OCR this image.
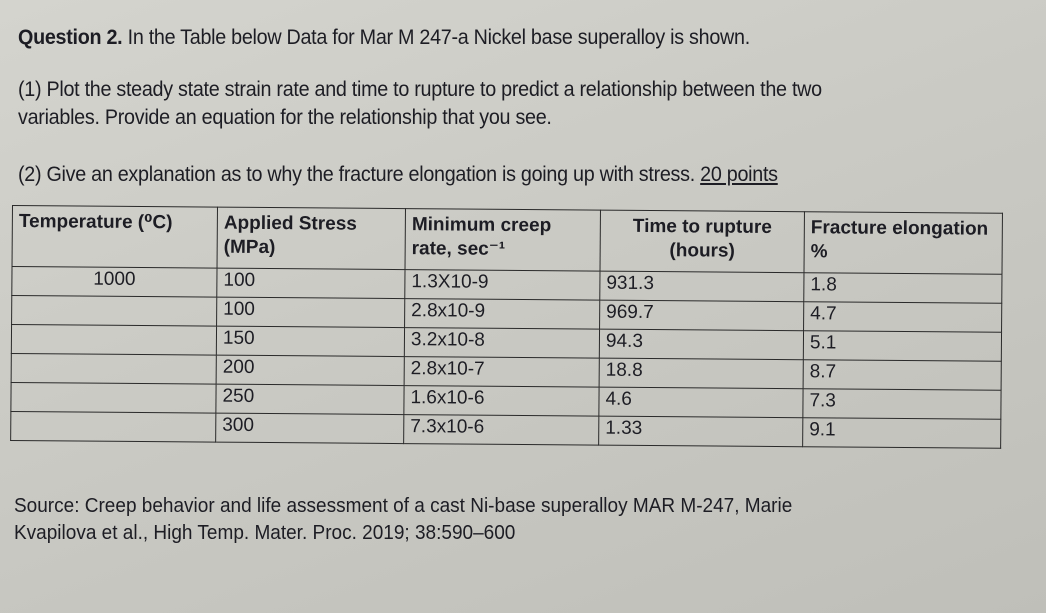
Question 2. In the Table below Data for Mar M 247-a Nickel base superalloy is shown.
(1) Plot the steady state strain rate and time to rupture to predict a relationship between the two
variables. Provide an equation for the relationship that you see.
(2) Give an explanation as to why the fracture elongation is going up with stress. 20 points
Temperature (⁰C)	Applied Stress (MPa)	Minimum creep rate, sec⁻¹	Time to rupture (hours)	Fracture elongation %
1000	100	1.3X10-9	931.3	1.8
	100	2.8x10-9	969.7	4.7
	150	3.2x10-8	94.3	5.1
	200	2.8x10-7	18.8	8.7
	250	1.6x10-6	4.6	7.3
	300	7.3x10-6	1.33	9.1
Source: Creep behavior and life assessment of a cast Ni-base superalloy MAR M-247, Marie
Kvapilova et al., High Temp. Mater. Proc. 2019; 38:590–600
